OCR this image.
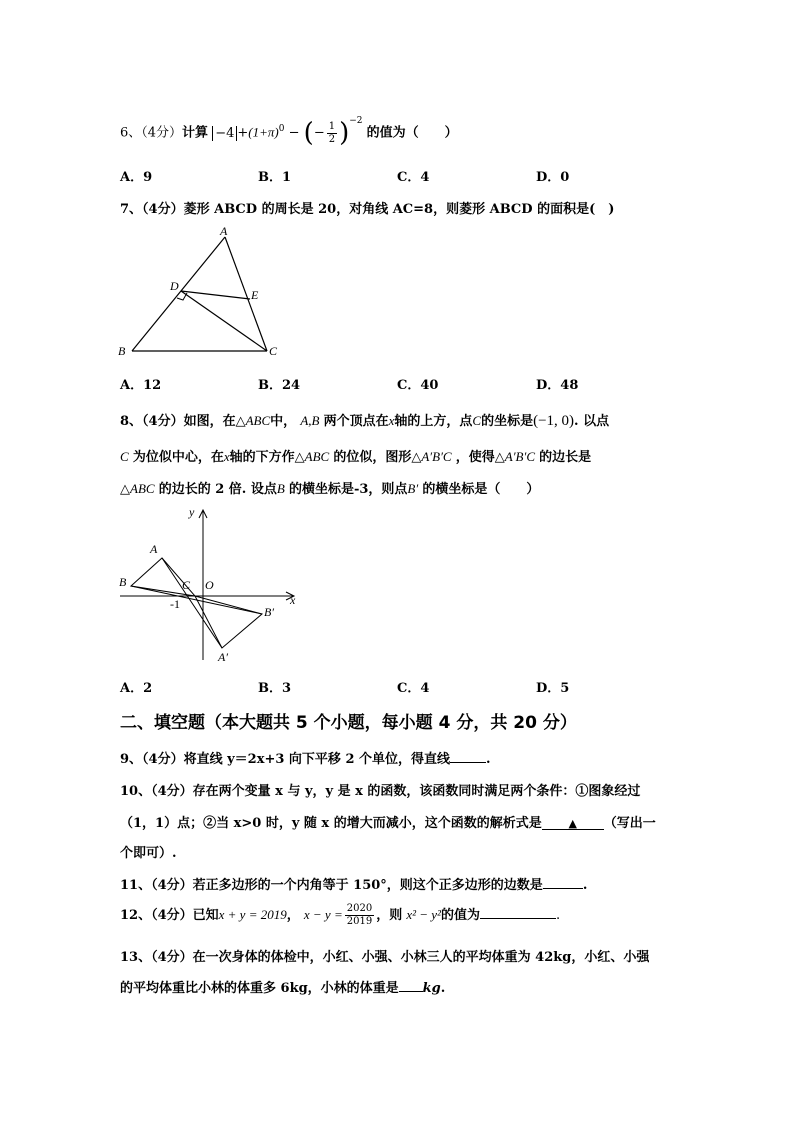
6、（4分）计算 $-4 +(1+\pi)^0$ − (− $\frac{1}{2} )^{-2}$ 的值为（　　）
A．9	B．1	C．4	D．0
7、（4分）菱形 ABCD 的周长是 20，对角线 AC=8，则菱形 ABCD 的面积是(　)
A
B	C
D
E
A．12	B．24	C．40	D．48
8、（4分）如图，在△ABC中， A,B 两个顶点在x轴的上方，点C的坐标是(−1, 0). 以点
C 为位似中心，在x轴的下方作△ABC 的位似，图形△A′B′C ，使得△A′B′C 的边长是
△ABC 的边长的 2 倍. 设点B 的横坐标是-3，则点B′ 的横坐标是（　　）
y
x
A
B	C O
-1
B′
A′
A．2	B．3	C．4	D．5
二、填空题（本大题共 5 个小题，每小题 4 分，共 20 分）
9、（4分）将直线 y＝2x+3 向下平移 2 个单位，得直线	.
10、（4分）存在两个变量 x 与 y，y 是 x 的函数，该函数同时满足两个条件：①图象经过
（1，1）点；②当 x>0 时，y 随 x 的增大而减小，这个函数的解析式是 ▲ （写出一
个即可）.
11、（4分）若正多边形的一个内角等于 150°，则这个正多边形的边数是	.
12、（4分）已知x + y = 2019， $x - y = \frac{2020}{2019}$ ，则 x² − y²的值为	.
13、（4分）在一次身体的体检中，小红、小强、小林三人的平均体重为 42kg，小红、小强
的平均体重比小林的体重多 6kg，小林的体重是 kg.
